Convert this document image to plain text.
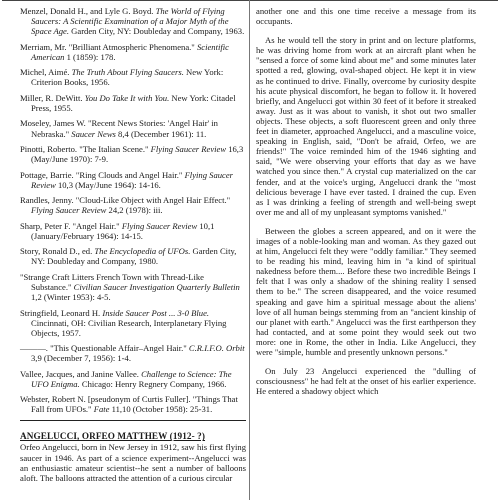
Menzel, Donald H., and Lyle G. Boyd. The World of Flying Saucers: A Scientific Examination of a Major Myth of the Space Age. Garden City, NY: Doubleday and Company, 1963.

Merriam, Mr. "Brilliant Atmospheric Phenomena." Scientific American 1 (1859): 178.

Michel, Aimé. The Truth About Flying Saucers. New York: Criterion Books, 1956.

Miller, R. DeWitt. You Do Take It with You. New York: Citadel Press, 1955.

Moseley, James W. "Recent News Stories: 'Angel Hair' in Nebraska." Saucer News 8,4 (December 1961): 11.

Pinotti, Roberto. "The Italian Scene." Flying Saucer Review 16,3 (May/June 1970): 7-9.

Pottage, Barrie. "Ring Clouds and Angel Hair." Flying Saucer Review 10,3 (May/June 1964): 14-16.

Randles, Jenny. "Cloud-Like Object with Angel Hair Effect." Flying Saucer Review 24,2 (1978): iii.

Sharp, Peter F. "Angel Hair." Flying Saucer Review 10,1 (January/February 1964): 14-15.

Story, Ronald D., ed. The Encyclopedia of UFOs. Garden City, NY: Doubleday and Company, 1980.

"Strange Craft Litters French Town with Thread-Like Substance." Civilian Saucer Investigation Quarterly Bulletin 1,2 (Winter 1953): 4-5.

Stringfield, Leonard H. Inside Saucer Post ... 3-0 Blue. Cincinnati, OH: Civilian Research, Interplanetary Flying Objects, 1957.

———. "This Questionable Affair–Angel Hair." C.R.I.F.O. Orbit 3,9 (December 7, 1956): 1-4.

Vallee, Jacques, and Janine Vallee. Challenge to Science: The UFO Enigma. Chicago: Henry Regnery Company, 1966.

Webster, Robert N. [pseudonym of Curtis Fuller]. "Things That Fall from UFOs." Fate 11,10 (October 1958): 25-31.

ANGELUCCI, ORFEO MATTHEW (1912- ?)

Orfeo Angelucci, born in New Jersey in 1912, saw his first flying saucer in 1946. As part of a science experiment--Angelucci was an enthusiastic amateur scientist--he sent a number of balloons aloft. The balloons attracted the attention of a curious circular

another one and this one time receive a message from its occupants.

As he would tell the story in print and on lecture platforms, he was driving home from work at an aircraft plant when he "sensed a force of some kind about me" and some minutes later spotted a red, glowing, oval-shaped object. He kept it in view as he continued to drive. Finally, overcome by curiosity despite his acute physical discomfort, he began to follow it. It hovered briefly, and Angelucci got within 30 feet of it before it streaked away. Just as it was about to vanish, it shot out two smaller objects. These objects, a soft fluorescent green and only three feet in diameter, approached Angelucci, and a masculine voice, speaking in English, said, "Don't be afraid, Orfeo, we are friends!" The voice reminded him of the 1946 sighting and said, "We were observing your efforts that day as we have watched you since then." A crystal cup materialized on the car fender, and at the voice's urging, Angelucci drank the "most delicious beverage I have ever tasted. I drained the cup. Even as I was drinking a feeling of strength and well-being swept over me and all of my unpleasant symptoms vanished."

Between the globes a screen appeared, and on it were the images of a noble-looking man and woman. As they gazed out at him, Angelucci felt they were "oddly familiar." They seemed to be reading his mind, leaving him in "a kind of spiritual nakedness before them.... Before these two incredible Beings I felt that I was only a shadow of the shining reality I sensed them to be." The screen disappeared, and the voice resumed speaking and gave him a spiritual message about the aliens' love of all human beings stemming from an "ancient kinship of our planet with earth." Angelucci was the first earthperson they had contacted, and at some point they would seek out two more: one in Rome, the other in India. Like Angelucci, they were "simple, humble and presently unknown persons."

On July 23 Angelucci experienced the "dulling of consciousness" he had felt at the onset of his earlier experience. He entered a shadowy object which
